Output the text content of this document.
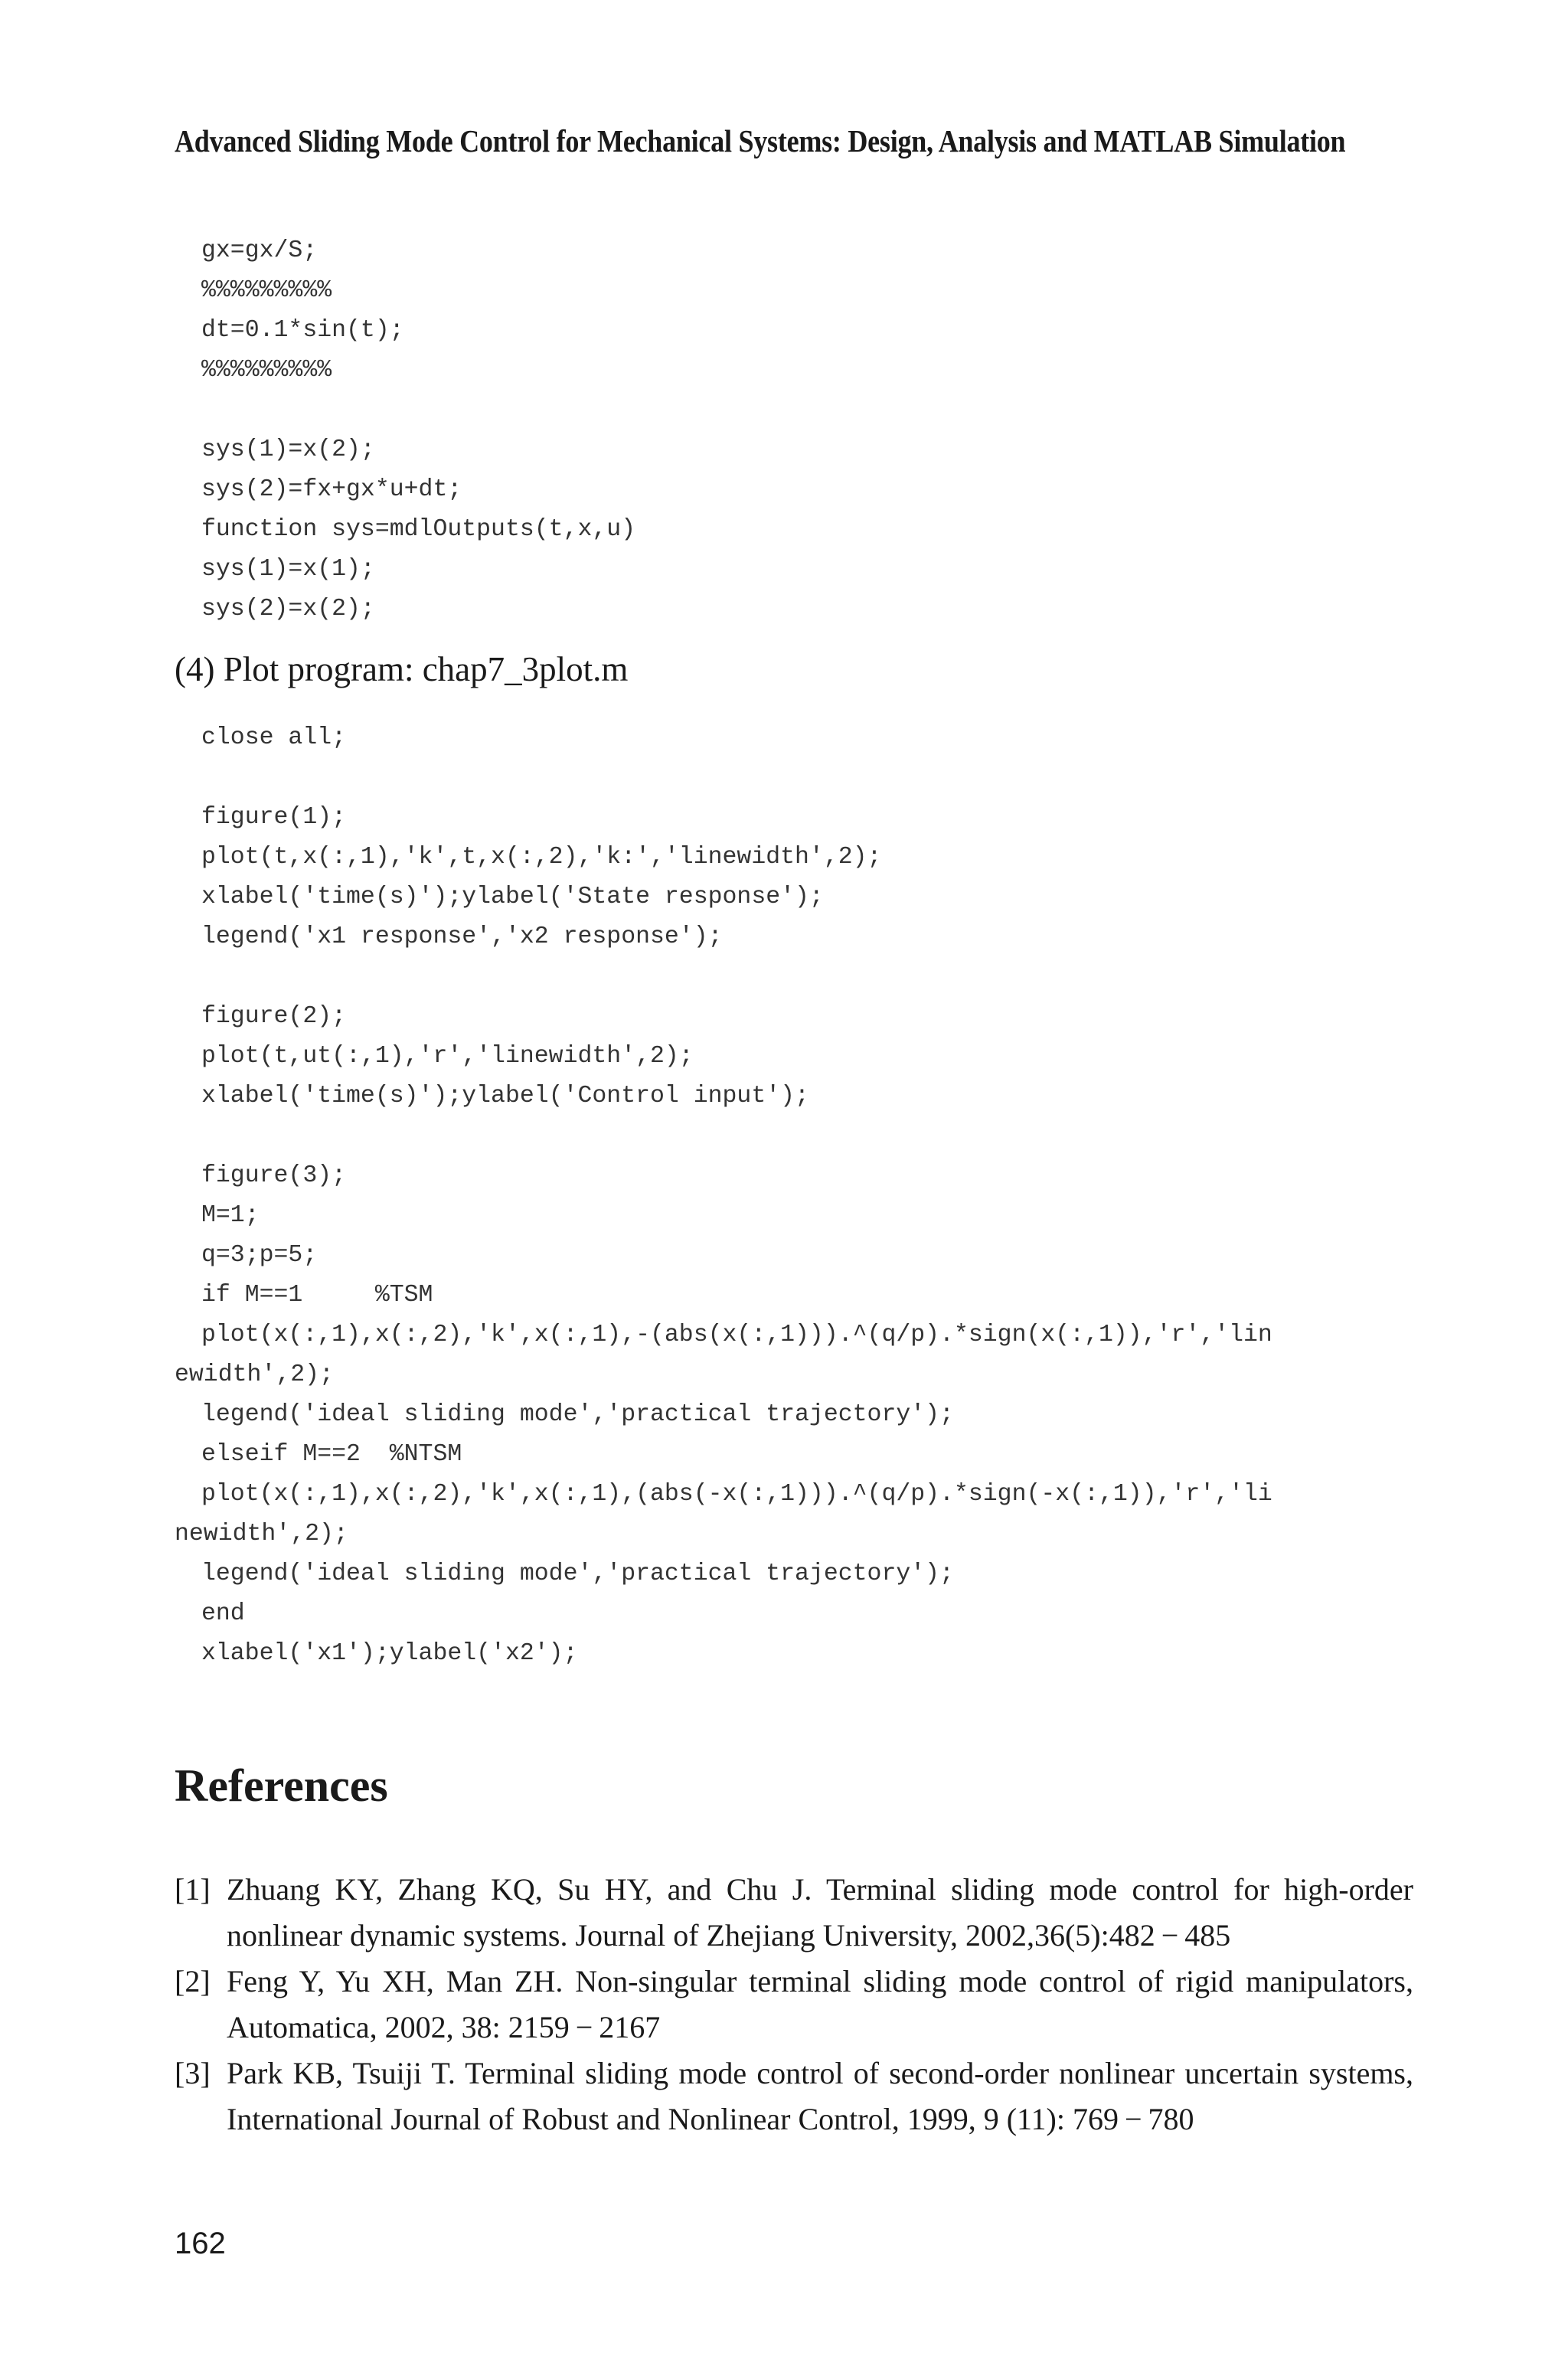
Advanced Sliding Mode Control for Mechanical Systems: Design, Analysis and MATLAB Simulation
gx=gx/S;
%%%%%%%%%
dt=0.1*sin(t);
%%%%%%%%%
sys(1)=x(2);
sys(2)=fx+gx*u+dt;
function sys=mdlOutputs(t,x,u)
sys(1)=x(1);
sys(2)=x(2);
(4) Plot program: chap7_3plot.m
close all;
figure(1);
plot(t,x(:,1),'k',t,x(:,2),'k:','linewidth',2);
xlabel('time(s)');ylabel('State response');
legend('x1 response','x2 response');
figure(2);
plot(t,ut(:,1),'r','linewidth',2);
xlabel('time(s)');ylabel('Control input');
figure(3);
M=1;
q=3;p=5;
if M==1     %TSM
plot(x(:,1),x(:,2),'k',x(:,1),-(abs(x(:,1))).^(q/p).*sign(x(:,1)),'r','lin
ewidth',2);
legend('ideal sliding mode','practical trajectory');
elseif M==2  %NTSM
plot(x(:,1),x(:,2),'k',x(:,1),(abs(-x(:,1))).^(q/p).*sign(-x(:,1)),'r','li
newidth',2);
legend('ideal sliding mode','practical trajectory');
end
xlabel('x1');ylabel('x2');
References
[1] Zhuang KY, Zhang KQ, Su HY, and Chu J. Terminal sliding mode control for high-order nonlinear dynamic systems. Journal of Zhejiang University, 2002,36(5):482 − 485
[2] Feng Y, Yu XH, Man ZH. Non-singular terminal sliding mode control of rigid manipulators, Automatica, 2002, 38: 2159 − 2167
[3] Park KB, Tsuiji T. Terminal sliding mode control of second-order nonlinear uncertain systems, International Journal of Robust and Nonlinear Control, 1999, 9 (11): 769 − 780
162
